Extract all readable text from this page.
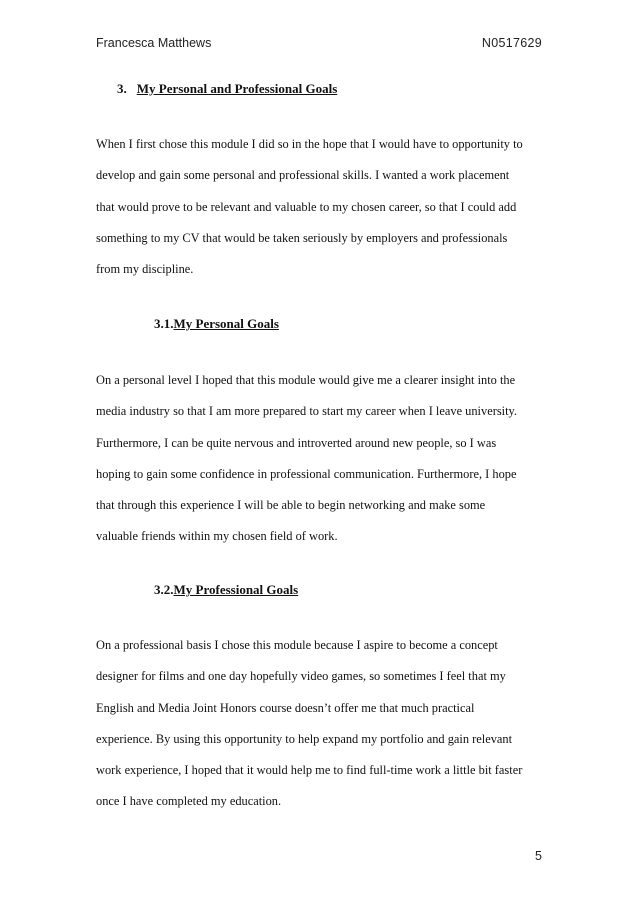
Francesca Matthews	N0517629
3. My Personal and Professional Goals

When I first chose this module I did so in the hope that I would have to opportunity to
develop and gain some personal and professional skills. I wanted a work placement
that would prove to be relevant and valuable to my chosen career, so that I could add
something to my CV that would be taken seriously by employers and professionals
from my discipline.

3.1.My Personal Goals

On a personal level I hoped that this module would give me a clearer insight into the
media industry so that I am more prepared to start my career when I leave university.
Furthermore, I can be quite nervous and introverted around new people, so I was
hoping to gain some confidence in professional communication. Furthermore, I hope
that through this experience I will be able to begin networking and make some
valuable friends within my chosen field of work.

3.2.My Professional Goals

On a professional basis I chose this module because I aspire to become a concept
designer for films and one day hopefully video games, so sometimes I feel that my
English and Media Joint Honors course doesn’t offer me that much practical
experience. By using this opportunity to help expand my portfolio and gain relevant
work experience, I hoped that it would help me to find full-time work a little bit faster
once I have completed my education.

5
